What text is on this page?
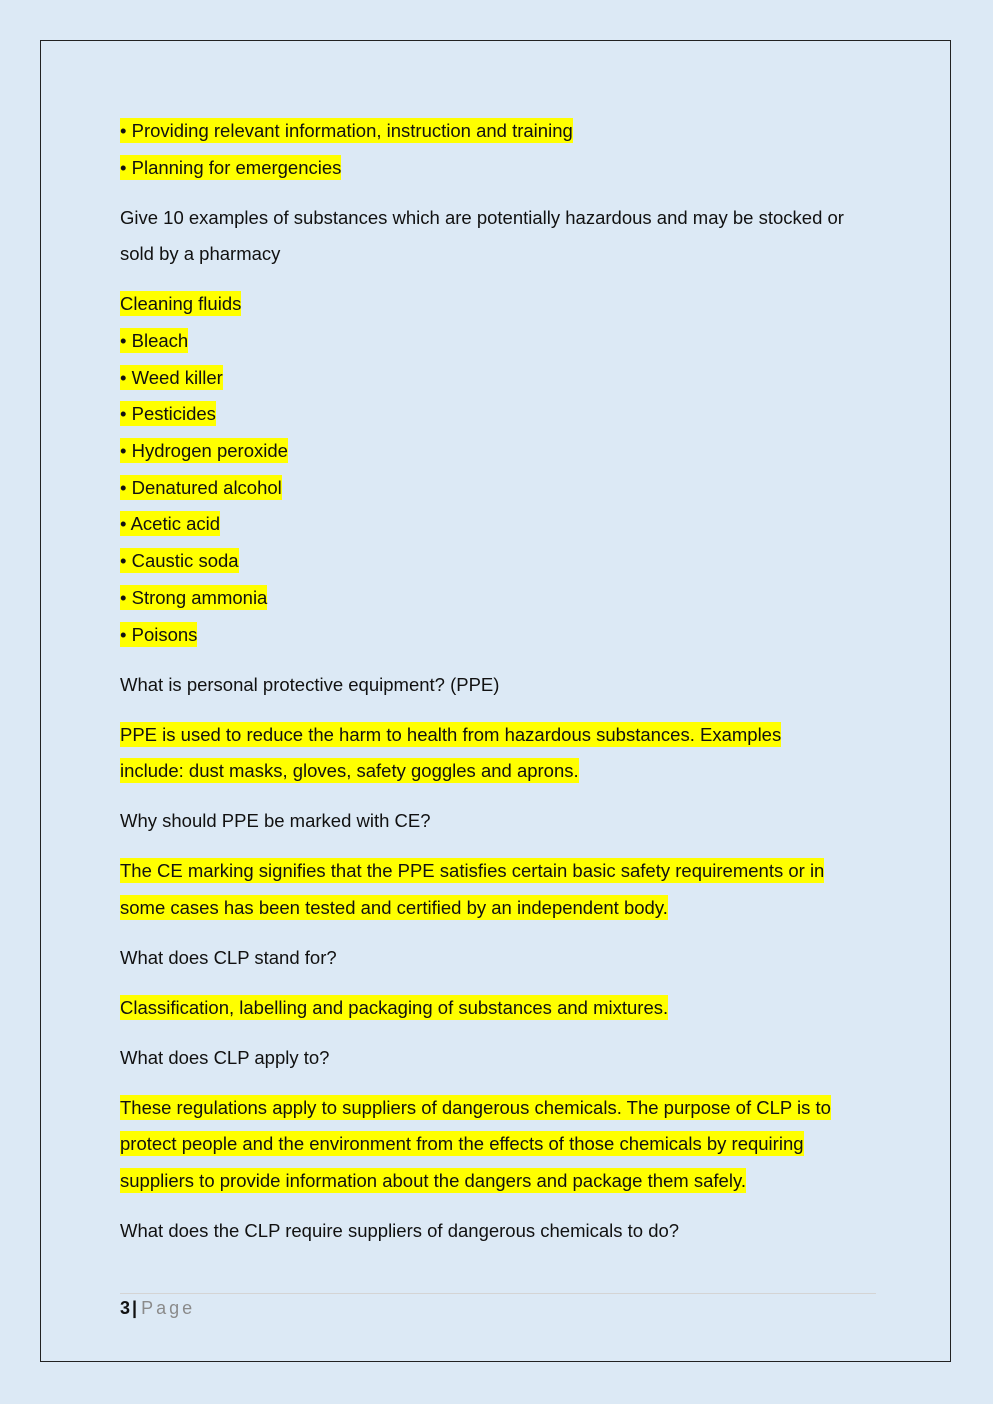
• Providing relevant information, instruction and training
• Planning for emergencies
Give 10 examples of substances which are potentially hazardous and may be stocked or
sold by a pharmacy
Cleaning fluids
• Bleach
• Weed killer
• Pesticides
• Hydrogen peroxide
• Denatured alcohol
• Acetic acid
• Caustic soda
• Strong ammonia
• Poisons
What is personal protective equipment? (PPE)
PPE is used to reduce the harm to health from hazardous substances. Examples
include: dust masks, gloves, safety goggles and aprons.
Why should PPE be marked with CE?
The CE marking signifies that the PPE satisfies certain basic safety requirements or in
some cases has been tested and certified by an independent body.
What does CLP stand for?
Classification, labelling and packaging of substances and mixtures.
What does CLP apply to?
These regulations apply to suppliers of dangerous chemicals. The purpose of CLP is to
protect people and the environment from the effects of those chemicals by requiring
suppliers to provide information about the dangers and package them safely.
What does the CLP require suppliers of dangerous chemicals to do?
3 | Page
